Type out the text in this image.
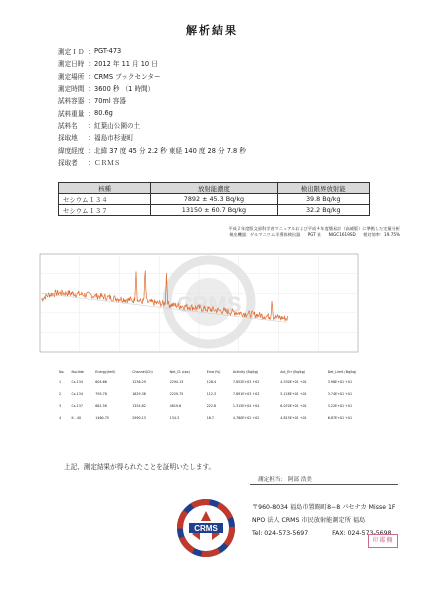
解析結果
測定ＩＤ ： PGT-473
測定日時 ： 2012 年 11 月 10 日
測定場所 ： CRMS ブックセンター
測定時間 ： 3600 秒 （1 時間）
試料容器 ： 70ml 容器
試料重量 ： 80.6g
試料名	： 紅葉山公園の土
採取地	： 福島市杉妻町
緯度経度 ： 北緯 37 度 45 分 2.2 秒 東経 140 度 28 分 7.8 秒
採取者	： ＣＲＭＳ
核種	放射能濃度	検出限界放射能
セシウム１３４	7892 ± 45.3 Bq/kg	39.8 Bq/kg
セシウム１３７	13150 ± 60.7 Bq/kg	32.2 Bq/kg
平成２年度版文部科学省マニュアルおよび平成４年度簡易計（高補版）に準拠した定量分析
検出機器：ゲルマニウム半導体検出器 PGT 社 NIGC1619SD 相対効率：19.75%
CRMS
No.	Nuclide	Energy(keV)	Channel(Ch)	Net_Ct (cps)	Error(%)	Activity (Bq/kg)	Act_Err (Bq/kg)	Det_Limit (Bq/kg)
1	Cs-134	604.66	1236.29	2294.13	128.4	7.852E+03 +02	4.530E+01 +01	3.98E+01 +01
2	Cs-134	795.78	1629.38	2229.75	112.3	7.891E+03 +03	5.128E+01 +01	3.74E+01 +01
3	Cs-137	661.58	1354.82	4819.6	222.8	1.315E+04 +04	6.070E+01 +01	3.22E+01 +01
4	K - 40	1460.75	2990.13	134.3	16.7	4.780E+02 +02	4.815E+01 +01	6.87E+01 +01
上記、測定結果が得られたことを証明いたします。
測定担当： 阿部 浩美
CRMS
〒960-8034 福島市置賜町8−8 パセナカ Misse 1F
NPO 法人 CRMS 市民放射能測定所 福島
Tel: 024-573-5697	FAX: 024-573-5698
印鑑欄
